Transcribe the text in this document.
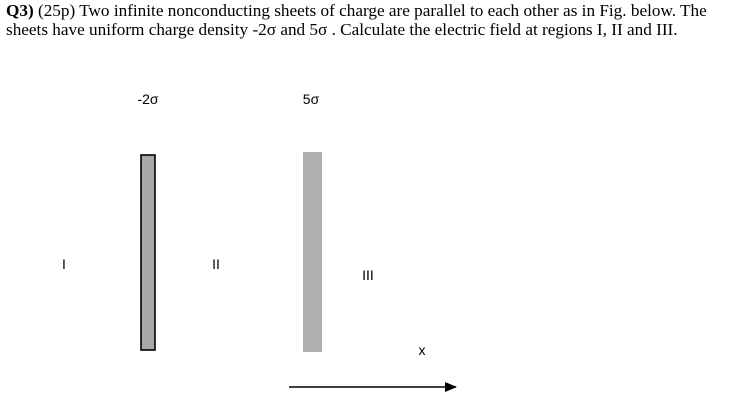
Q3) (25p) Two infinite nonconducting sheets of charge are parallel to each other as in Fig. below. The sheets have uniform charge density -2σ and 5σ . Calculate the electric field at regions I, II and III.
-2σ	5σ
I	II
III
x
